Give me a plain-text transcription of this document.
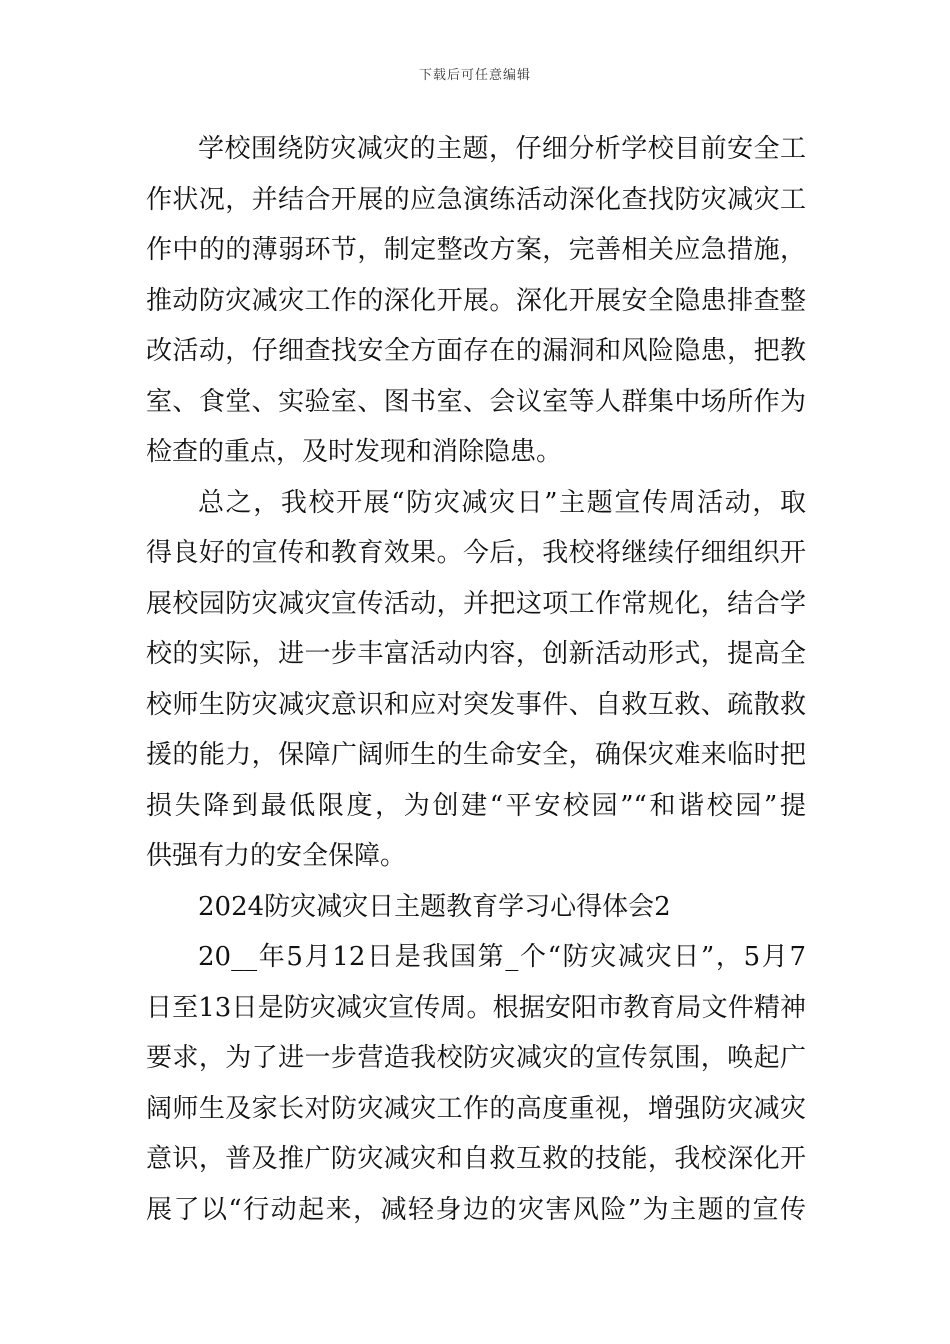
下载后可任意编辑
学校围绕防灾减灾的主题，仔细分析学校目前安全工
作状况，并结合开展的应急演练活动深化查找防灾减灾工
作中的的薄弱环节，制定整改方案，完善相关应急措施，
推动防灾减灾工作的深化开展。深化开展安全隐患排查整
改活动，仔细查找安全方面存在的漏洞和风险隐患，把教
室、食堂、实验室、图书室、会议室等人群集中场所作为
检查的重点，及时发现和消除隐患。
总之，我校开展“防灾减灾日”主题宣传周活动，取
得良好的宣传和教育效果。今后，我校将继续仔细组织开
展校园防灾减灾宣传活动，并把这项工作常规化，结合学
校的实际，进一步丰富活动内容，创新活动形式，提高全
校师生防灾减灾意识和应对突发事件、自救互救、疏散救
援的能力，保障广阔师生的生命安全，确保灾难来临时把
损失降到最低限度，为创建“平安校园”“和谐校园”提
供强有力的安全保障。
2024防灾减灾日主题教育学习心得体会2
20__年5月12日是我国第_个“防灾减灾日”，5月7
日至13日是防灾减灾宣传周。根据安阳市教育局文件精神
要求，为了进一步营造我校防灾减灾的宣传氛围，唤起广
阔师生及家长对防灾减灾工作的高度重视，增强防灾减灾
意识，普及推广防灾减灾和自救互救的技能，我校深化开
展了以“行动起来，减轻身边的灾害风险”为主题的宣传
